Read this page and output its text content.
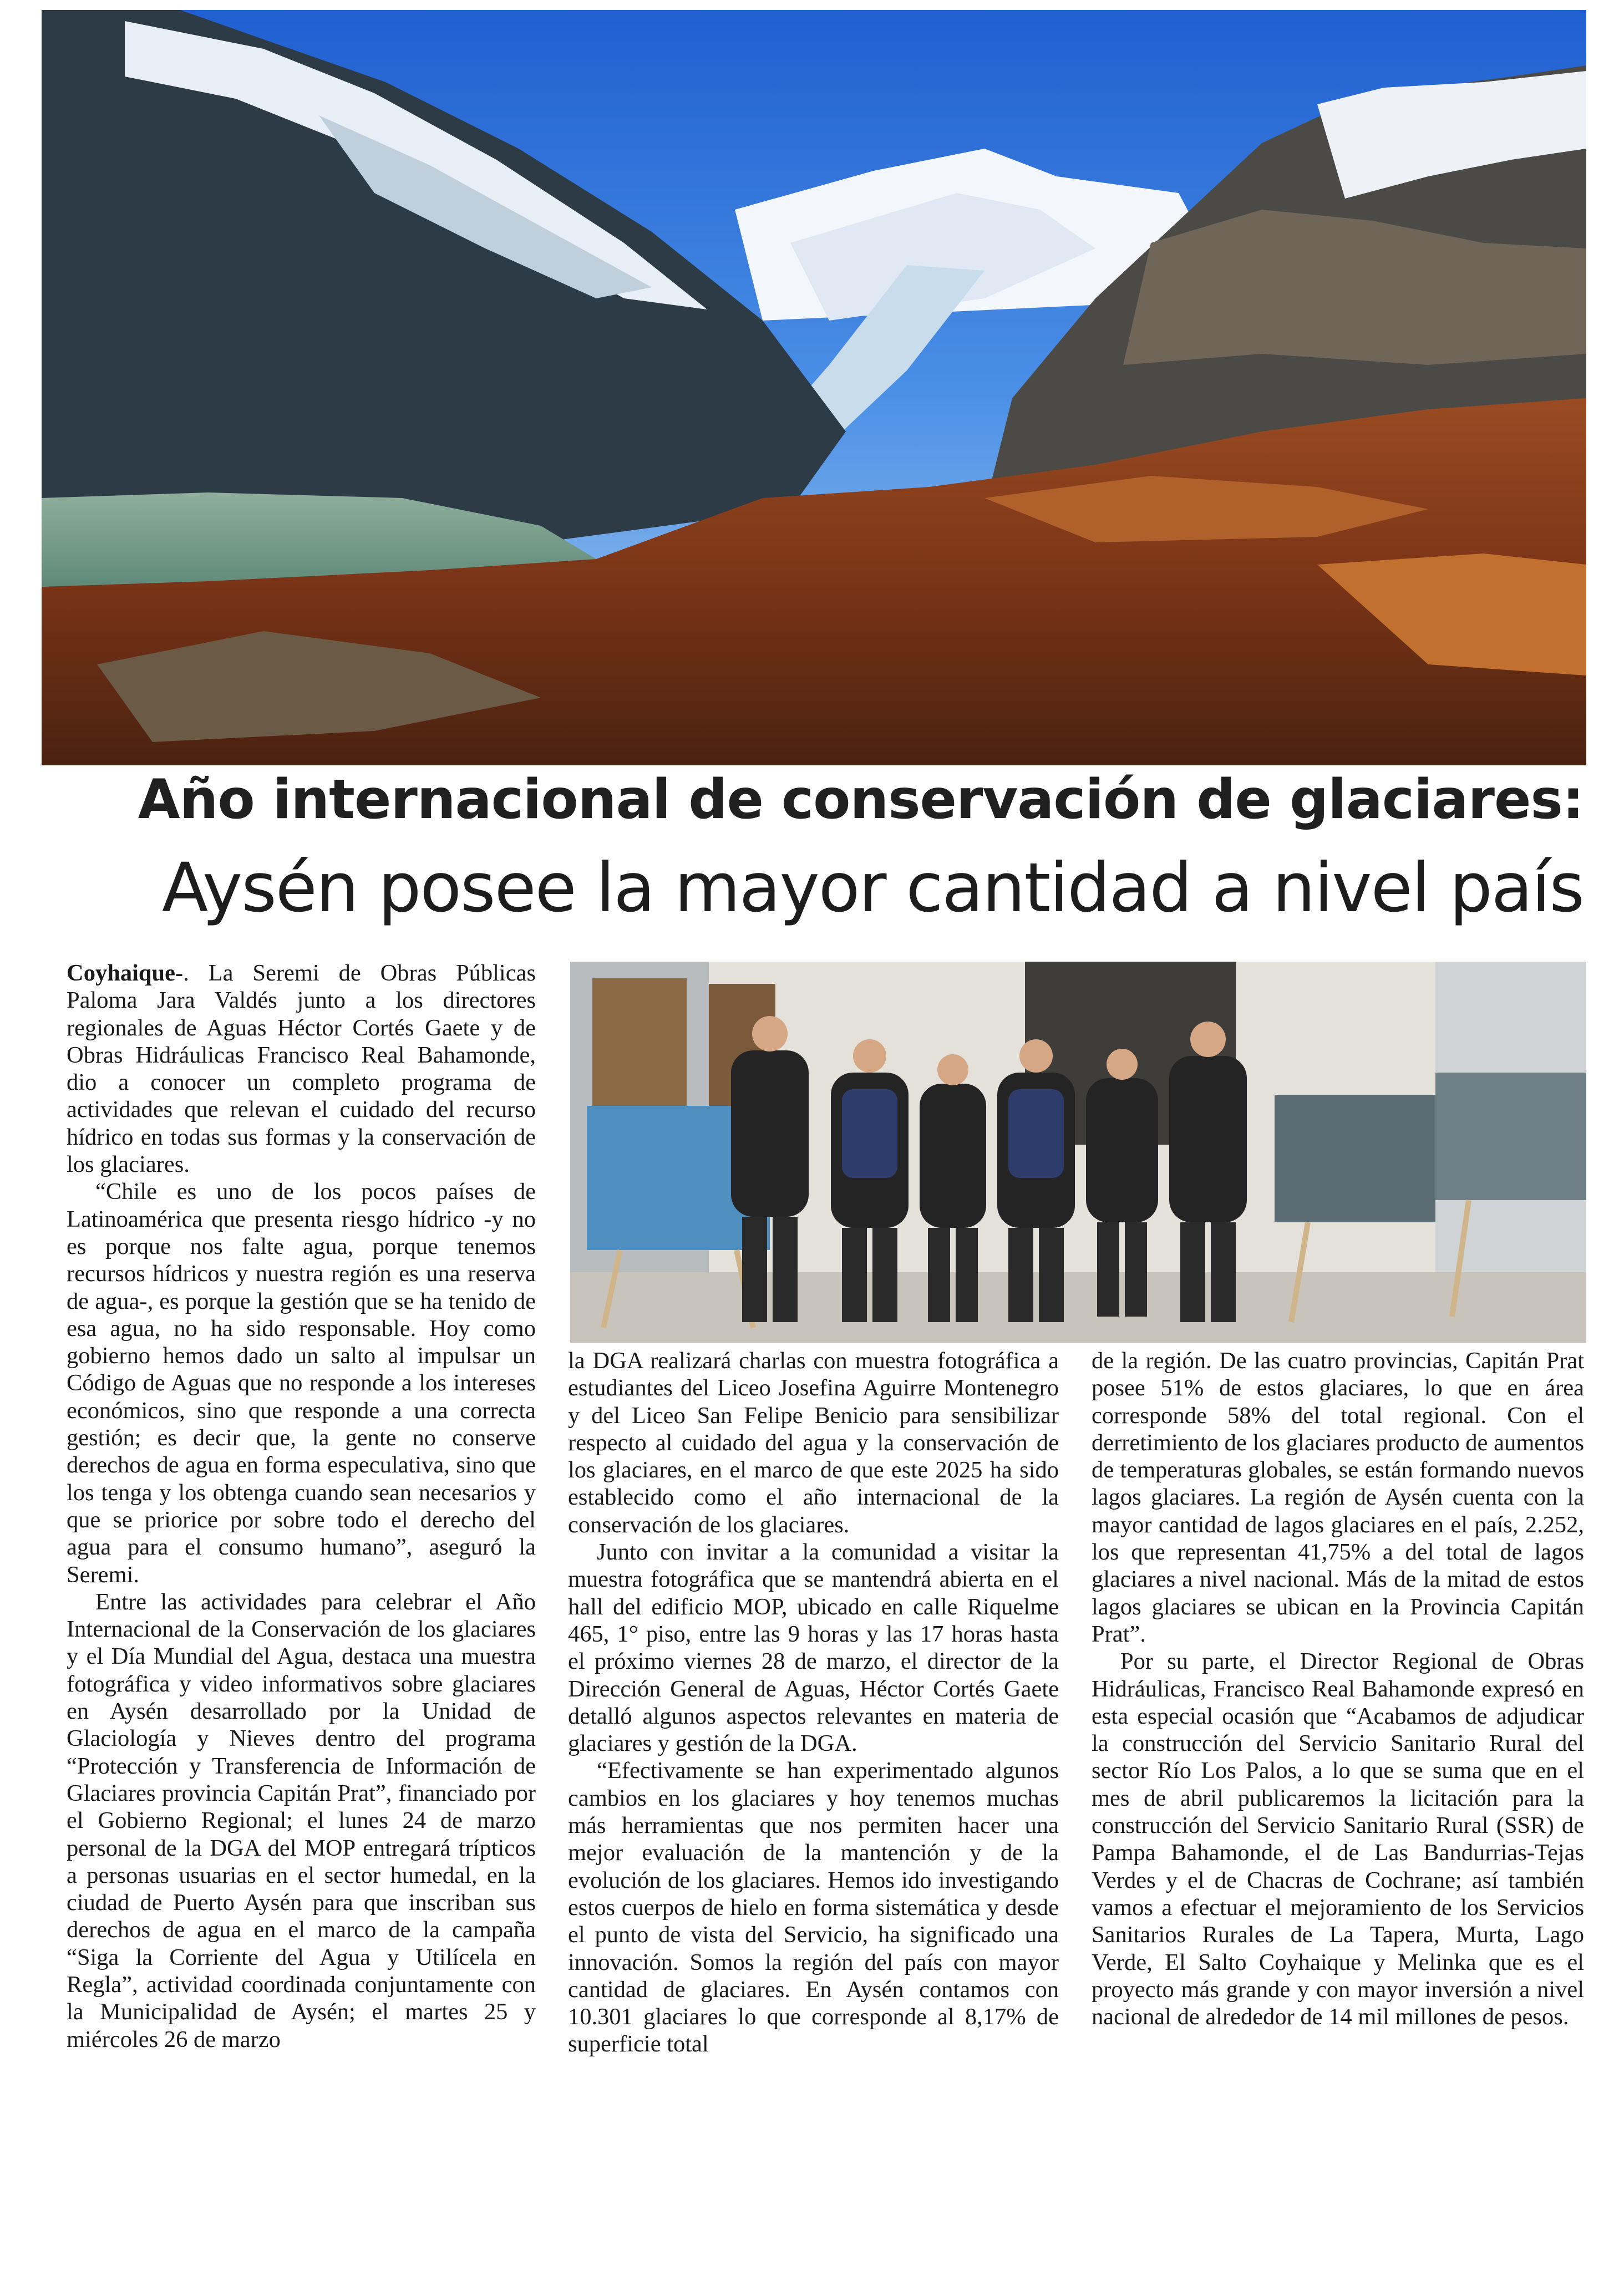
Año internacional de conservación de glaciares:
Aysén posee la mayor cantidad a nivel país

Coyhaique-. La Seremi de Obras Públicas Paloma Jara Valdés junto a los directores regionales de Aguas Héctor Cortés Gaete y de Obras Hidráulicas Francisco Real Bahamonde, dio a conocer un completo programa de actividades que relevan el cuidado del recurso hídrico en todas sus formas y la conservación de los glaciares.

“Chile es uno de los pocos países de Latinoamérica que presenta riesgo hídrico -y no es porque nos falte agua, porque tenemos recursos hídricos y nuestra región es una reserva de agua-, es porque la gestión que se ha tenido de esa agua, no ha sido responsable. Hoy como gobierno hemos dado un salto al impulsar un Código de Aguas que no responde a los intereses económicos, sino que responde a una correcta gestión; es decir que, la gente no conserve derechos de agua en forma especulativa, sino que los tenga y los obtenga cuando sean necesarios y que se priorice por sobre todo el derecho del agua para el consumo humano”, aseguró la Seremi.

Entre las actividades para celebrar el Año Internacional de la Conservación de los glaciares y el Día Mundial del Agua, destaca una muestra fotográfica y video informativos sobre glaciares en Aysén desarrollado por la Unidad de Glaciología y Nieves dentro del programa “Protección y Transferencia de Información de Glaciares provincia Capitán Prat”, financiado por el Gobierno Regional; el lunes 24 de marzo personal de la DGA del MOP entregará trípticos a personas usuarias en el sector humedal, en la ciudad de Puerto Aysén para que inscriban sus derechos de agua en el marco de la campaña “Siga la Corriente del Agua y Utilícela en Regla”, actividad coordinada conjuntamente con la Municipalidad de Aysén; el martes 25 y miércoles 26 de marzo

la DGA realizará charlas con muestra fotográfica a estudiantes del Liceo Josefina Aguirre Montenegro y del Liceo San Felipe Benicio para sensibilizar respecto al cuidado del agua y la conservación de los glaciares, en el marco de que este 2025 ha sido establecido como el año internacional de la conservación de los glaciares.

Junto con invitar a la comunidad a visitar la muestra fotográfica que se mantendrá abierta en el hall del edificio MOP, ubicado en calle Riquelme 465, 1° piso, entre las 9 horas y las 17 horas hasta el próximo viernes 28 de marzo, el director de la Dirección General de Aguas, Héctor Cortés Gaete detalló algunos aspectos relevantes en materia de glaciares y gestión de la DGA.

“Efectivamente se han experimentado algunos cambios en los glaciares y hoy tenemos muchas más herramientas que nos permiten hacer una mejor evaluación de la mantención y de la evolución de los glaciares. Hemos ido investigando estos cuerpos de hielo en forma sistemática y desde el punto de vista del Servicio, ha significado una innovación. Somos la región del país con mayor cantidad de glaciares. En Aysén contamos con 10.301 glaciares lo que corresponde al 8,17% de superficie total

de la región. De las cuatro provincias, Capitán Prat posee 51% de estos glaciares, lo que en área corresponde 58% del total regional. Con el derretimiento de los glaciares producto de aumentos de temperaturas globales, se están formando nuevos lagos glaciares. La región de Aysén cuenta con la mayor cantidad de lagos glaciares en el país, 2.252, los que representan 41,75% a del total de lagos glaciares a nivel nacional. Más de la mitad de estos lagos glaciares se ubican en la Provincia Capitán Prat”.

Por su parte, el Director Regional de Obras Hidráulicas, Francisco Real Bahamonde expresó en esta especial ocasión que “Acabamos de adjudicar la construcción del Servicio Sanitario Rural del sector Río Los Palos, a lo que se suma que en el mes de abril publicaremos la licitación para la construcción del Servicio Sanitario Rural (SSR) de Pampa Bahamonde, el de Las Bandurrias-Tejas Verdes y el de Chacras de Cochrane; así también vamos a efectuar el mejoramiento de los Servicios Sanitarios Rurales de La Tapera, Murta, Lago Verde, El Salto Coyhaique y Melinka que es el proyecto más grande y con mayor inversión a nivel nacional de alrededor de 14 mil millones de pesos.
